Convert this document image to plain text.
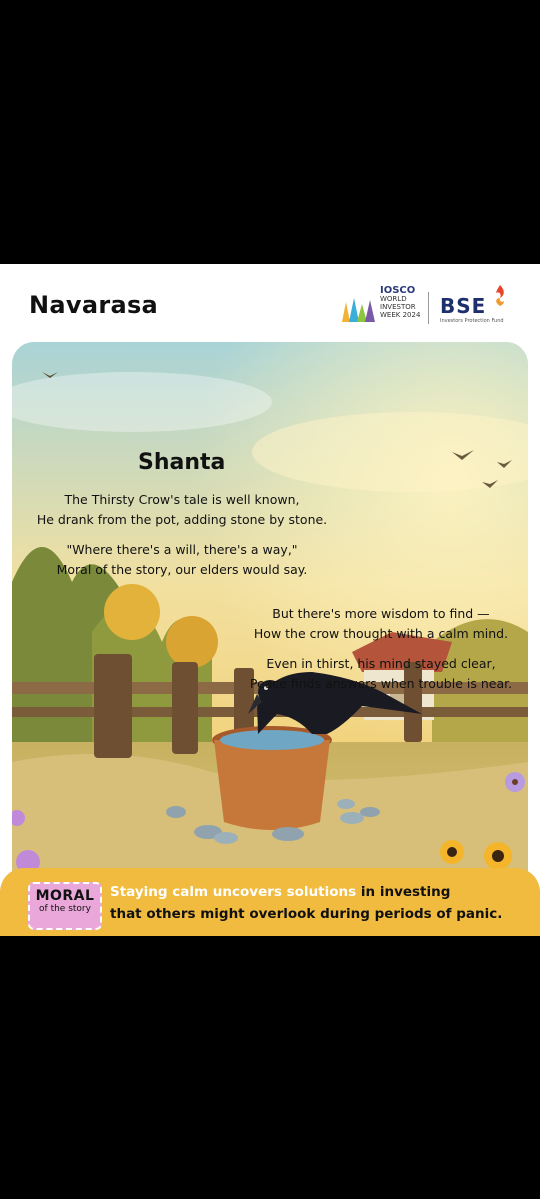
Navarasa
IOSCO
WORLD
INVESTOR
WEEK 2024 BSE
Investors Protection Fund
Shanta

The Thirsty Crow's tale is well known,
He drank from the pot, adding stone by stone.

"Where there's a will, there's a way,"
Moral of the story, our elders would say.

But there's more wisdom to find —
How the crow thought with a calm mind.

Even in thirst, his mind stayed clear,
Peace finds answers when trouble is near.

MORAL
of the story
Staying calm uncovers solutions in investing
that others might overlook during periods of panic.
